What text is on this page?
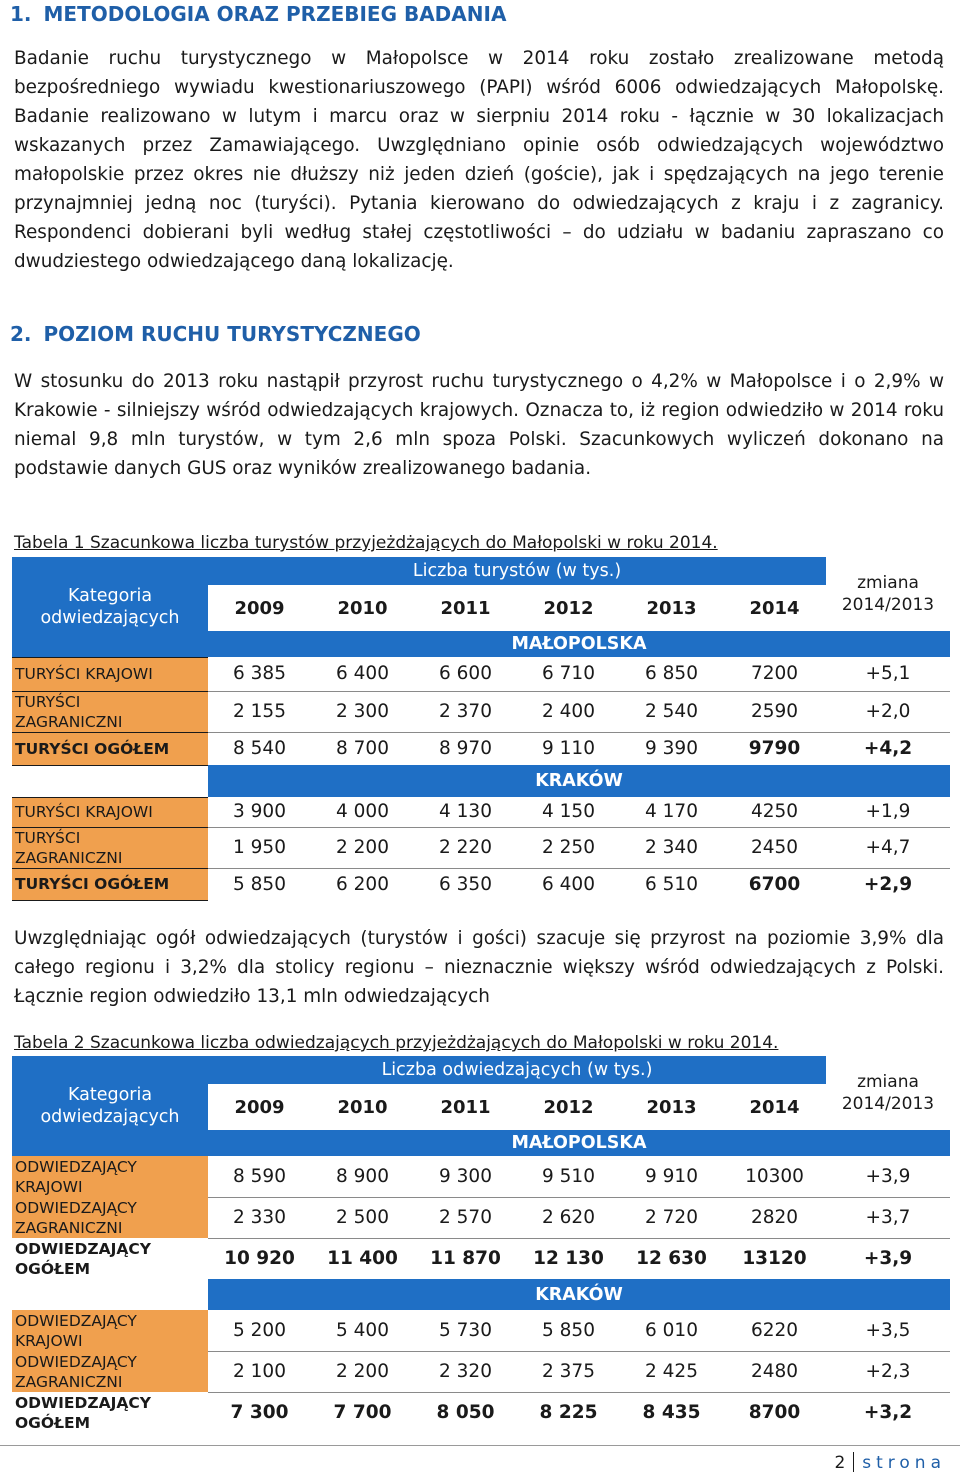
1. METODOLOGIA ORAZ PRZEBIEG BADANIA

Badanie ruchu turystycznego w Małopolsce w 2014 roku zostało zrealizowane metodą bezpośredniego wywiadu kwestionariuszowego (PAPI) wśród 6006 odwiedzających Małopolskę. Badanie realizowano w lutym i marcu oraz w sierpniu 2014 roku - łącznie w 30 lokalizacjach wskazanych przez Zamawiającego. Uwzględniano opinie osób odwiedzających województwo małopolskie przez okres nie dłuższy niż jeden dzień (goście), jak i spędzających na jego terenie przynajmniej jedną noc (turyści). Pytania kierowano do odwiedzających z kraju i z zagranicy. Respondenci dobierani byli według stałej częstotliwości – do udziału w badaniu zapraszano co dwudziestego odwiedzającego daną lokalizację.

2. POZIOM RUCHU TURYSTYCZNEGO

W stosunku do 2013 roku nastąpił przyrost ruchu turystycznego o 4,2% w Małopolsce i o 2,9% w Krakowie - silniejszy wśród odwiedzających krajowych. Oznacza to, iż region odwiedziło w 2014 roku niemal 9,8 mln turystów, w tym 2,6 mln spoza Polski. Szacunkowych wyliczeń dokonano na podstawie danych GUS oraz wyników zrealizowanego badania.

Tabela 1 Szacunkowa liczba turystów przyjeżdżających do Małopolski w roku 2014.

Kategoria odwiedzających	Liczba turystów (w tys.)						zmiana 2014/2013
	2009	2010	2011	2012	2013	2014	
	MAŁOPOLSKA						
TURYŚCI KRAJOWI	6 385	6 400	6 600	6 710	6 850	7200	+5,1
TURYŚCI ZAGRANICZNI	2 155	2 300	2 370	2 400	2 540	2590	+2,0
TURYŚCI OGÓŁEM	8 540	8 700	8 970	9 110	9 390	9790	+4,2
	KRAKÓW						
TURYŚCI KRAJOWI	3 900	4 000	4 130	4 150	4 170	4250	+1,9
TURYŚCI ZAGRANICZNI	1 950	2 200	2 220	2 250	2 340	2450	+4,7
TURYŚCI OGÓŁEM	5 850	6 200	6 350	6 400	6 510	6700	+2,9

Uwzględniając ogół odwiedzających (turystów i gości) szacuje się przyrost na poziomie 3,9% dla całego regionu i 3,2% dla stolicy regionu – nieznacznie większy wśród odwiedzających z Polski. Łącznie region odwiedziło 13,1 mln odwiedzających

Tabela 2 Szacunkowa liczba odwiedzających przyjeżdżających do Małopolski w roku 2014.

Kategoria odwiedzających	Liczba odwiedzających (w tys.)						zmiana 2014/2013
	2009	2010	2011	2012	2013	2014	
	MAŁOPOLSKA						
ODWIEDZAJĄCY KRAJOWI	8 590	8 900	9 300	9 510	9 910	10300	+3,9
ODWIEDZAJĄCY ZAGRANICZNI	2 330	2 500	2 570	2 620	2 720	2820	+3,7
ODWIEDZAJĄCY OGÓŁEM	10 920	11 400	11 870	12 130	12 630	13120	+3,9
	KRAKÓW						
ODWIEDZAJĄCY KRAJOWI	5 200	5 400	5 730	5 850	6 010	6220	+3,5
ODWIEDZAJĄCY ZAGRANICZNI	2 100	2 200	2 320	2 375	2 425	2480	+2,3
ODWIEDZAJĄCY OGÓŁEM	7 300	7 700	8 050	8 225	8 435	8700	+3,2
2 strona
